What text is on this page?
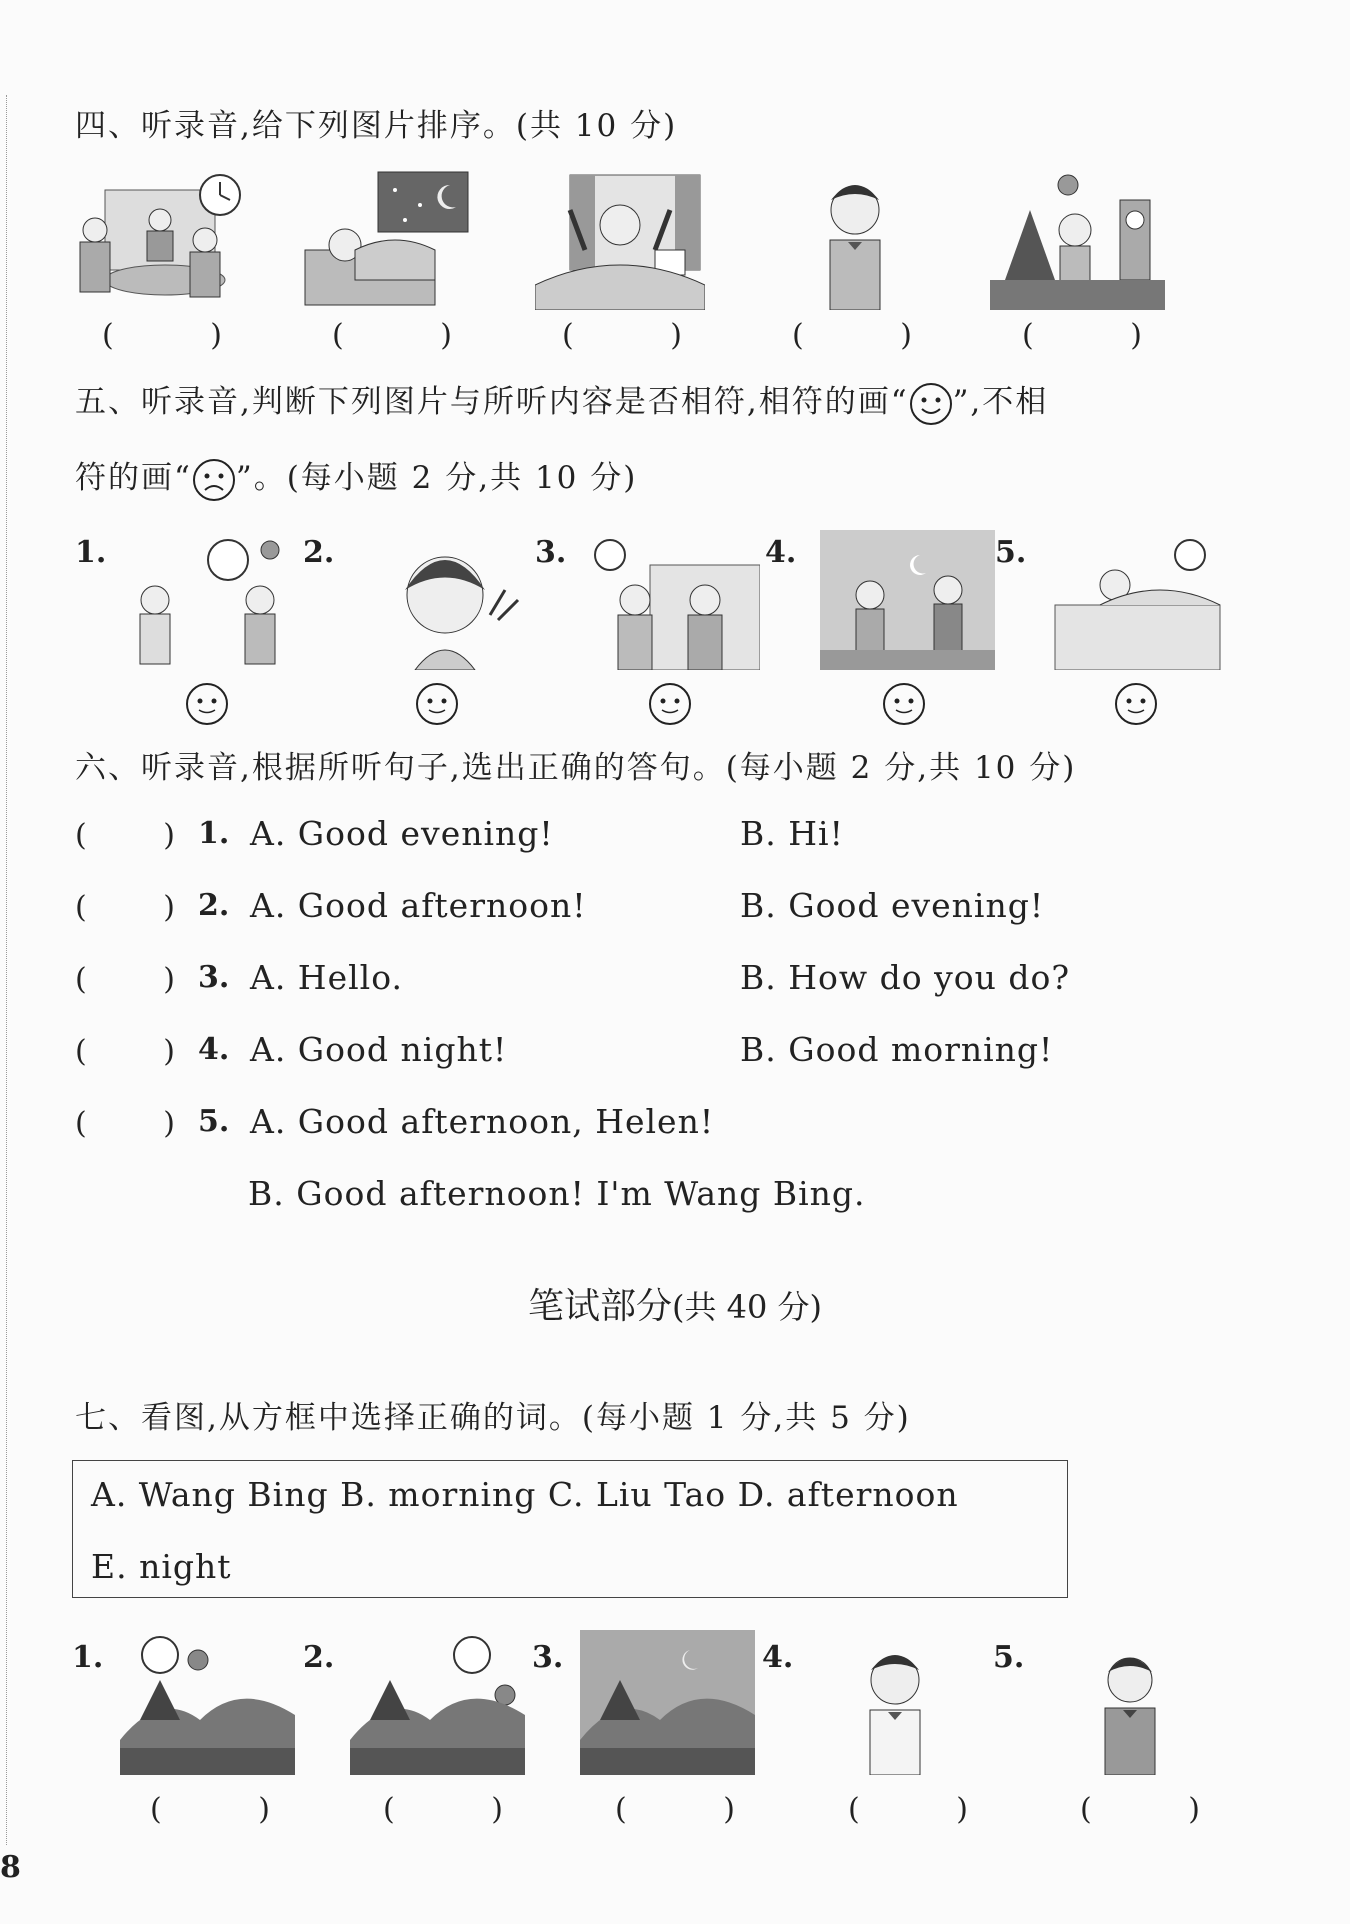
四、听录音,给下列图片排序。(共 10 分)
(	)	(	)	(	)	(	)	(	)
五、听录音,判断下列图片与所听内容是否相符,相符的画“ ”,不相
符的画“ ”。(每小题 2 分,共 10 分)
1.	2.	3.	4.	5.
六、听录音,根据所听句子,选出正确的答句。(每小题 2 分,共 10 分)
(	) 1. A. Good evening!	B. Hi!
(	) 2. A. Good afternoon!	B. Good evening!
(	) 3. A. Hello.	B. How do you do?
(	) 4. A. Good night!	B. Good morning!
(	) 5. A. Good afternoon, Helen!
B. Good afternoon! I'm Wang Bing.
笔试部分(共 40 分)
七、看图,从方框中选择正确的词。(每小题 1 分,共 5 分)
A. Wang Bing B. morning C. Liu Tao D. afternoon
E. night
1.	2.	3.	4.	5.
(	)	(	)	(	)	(	)	(	)
8
